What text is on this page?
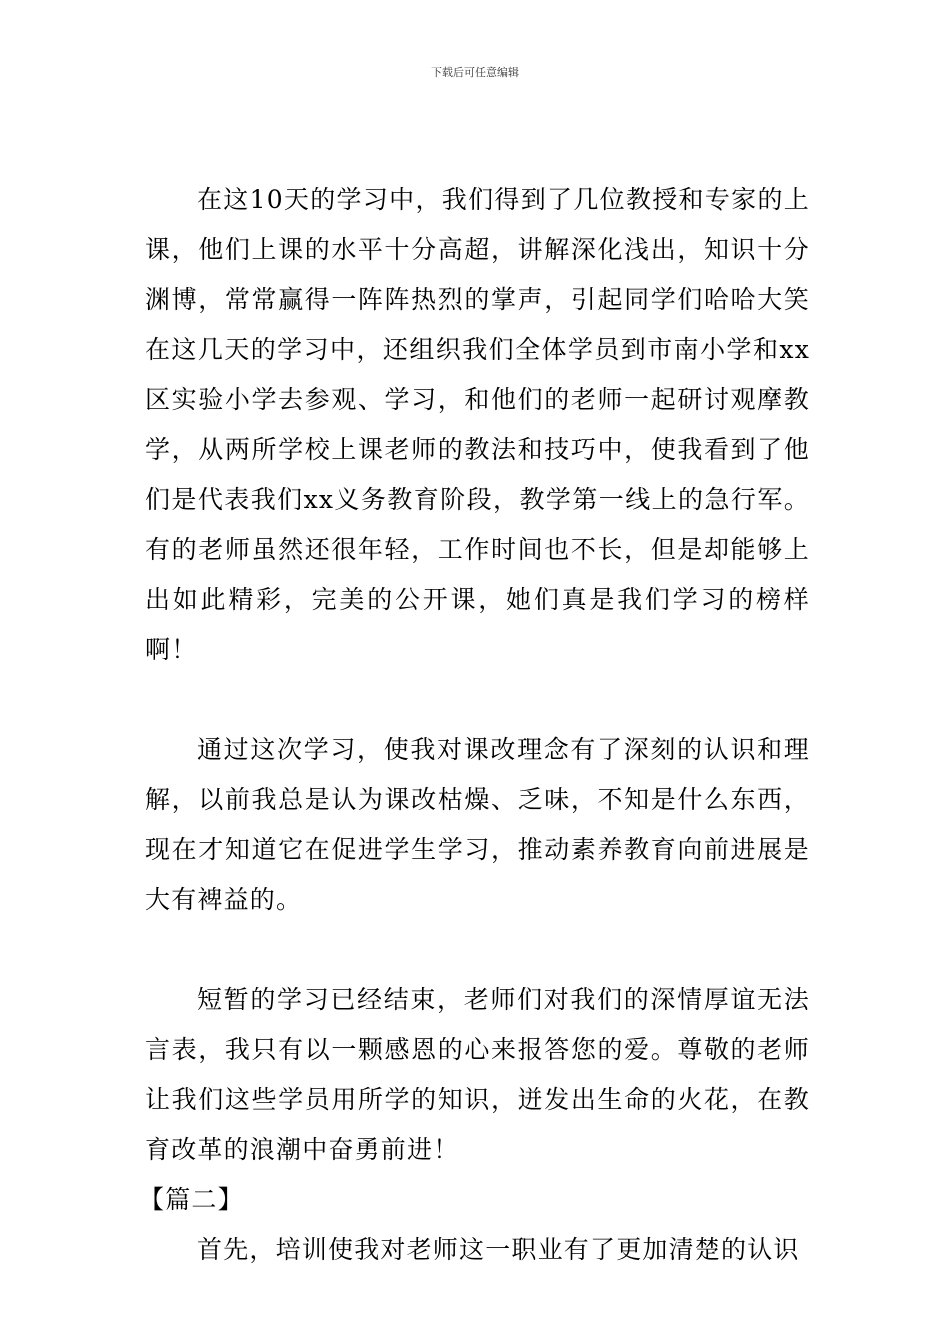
下载后可任意编辑

在这10天的学习中，我们得到了几位教授和专家的上课，他们上课的水平十分高超，讲解深化浅出，知识十分渊博，常常赢得一阵阵热烈的掌声，引起同学们哈哈大笑在这几天的学习中，还组织我们全体学员到市南小学和xx区实验小学去参观、学习，和他们的老师一起研讨观摩教学，从两所学校上课老师的教法和技巧中，使我看到了他们是代表我们xx义务教育阶段，教学第一线上的急行军。有的老师虽然还很年轻，工作时间也不长，但是却能够上出如此精彩，完美的公开课，她们真是我们学习的榜样啊！

通过这次学习，使我对课改理念有了深刻的认识和理解，以前我总是认为课改枯燥、乏味，不知是什么东西，现在才知道它在促进学生学习，推动素养教育向前进展是大有裨益的。

短暂的学习已经结束，老师们对我们的深情厚谊无法言表，我只有以一颗感恩的心来报答您的爱。尊敬的老师让我们这些学员用所学的知识，迸发出生命的火花，在教育改革的浪潮中奋勇前进！

【篇二】

首先，培训使我对老师这一职业有了更加清楚的认识
